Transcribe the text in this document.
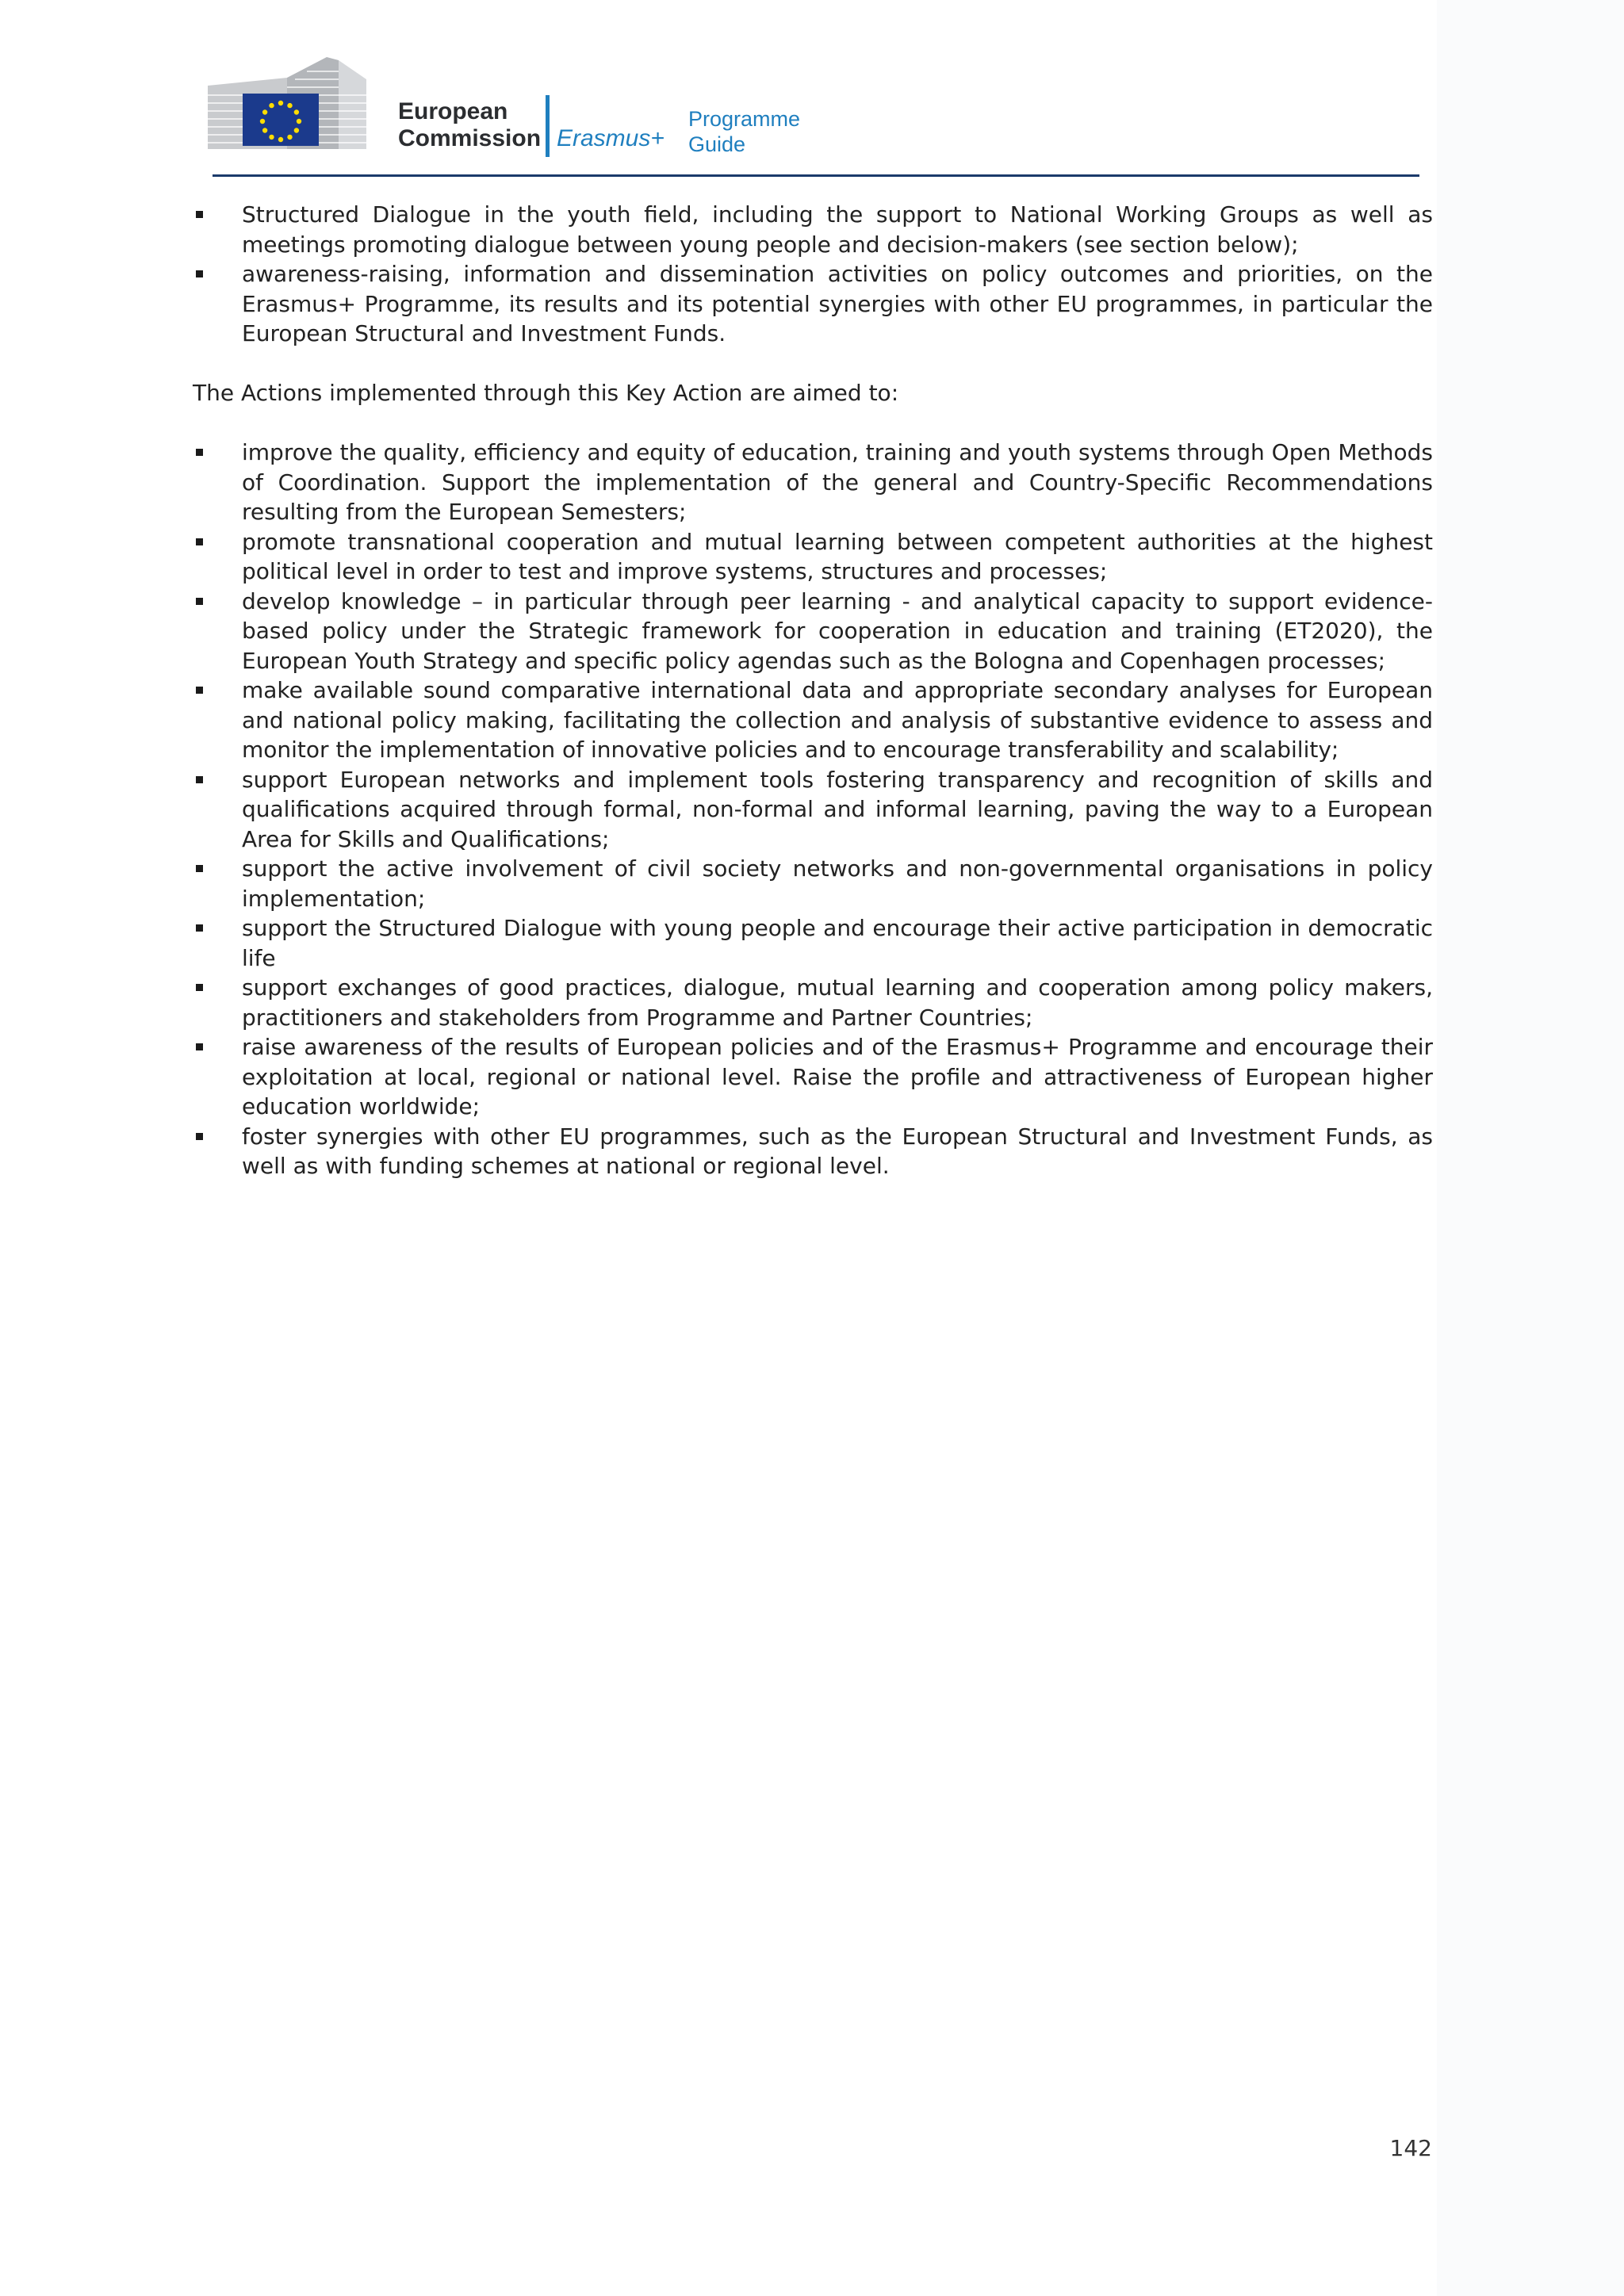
European
Commission Erasmus+
Programme
Guide
Structured Dialogue in the youth field, including the support to National Working Groups as well as meetings promoting dialogue between young people and decision-makers (see section below);
awareness-raising, information and dissemination activities on policy outcomes and priorities, on the Erasmus+ Programme, its results and its potential synergies with other EU programmes, in particular the European Structural and Investment Funds.

The Actions implemented through this Key Action are aimed to:

improve the quality, efficiency and equity of education, training and youth systems through Open Methods of Coordination. Support the implementation of the general and Country-Specific Recommendations resulting from the European Semesters;
promote transnational cooperation and mutual learning between competent authorities at the highest political level in order to test and improve systems, structures and processes;
develop knowledge – in particular through peer learning - and analytical capacity to support evidence-based policy under the Strategic framework for cooperation in education and training (ET2020), the European Youth Strategy and specific policy agendas such as the Bologna and Copenhagen processes;
make available sound comparative international data and appropriate secondary analyses for European and national policy making, facilitating the collection and analysis of substantive evidence to assess and monitor the implementation of innovative policies and to encourage transferability and scalability;
support European networks and implement tools fostering transparency and recognition of skills and qualifications acquired through formal, non-formal and informal learning, paving the way to a European Area for Skills and Qualifications;
support the active involvement of civil society networks and non-governmental organisations in policy implementation;
support the Structured Dialogue with young people and encourage their active participation in democratic life
support exchanges of good practices, dialogue, mutual learning and cooperation among policy makers, practitioners and stakeholders from Programme and Partner Countries;
raise awareness of the results of European policies and of the Erasmus+ Programme and encourage their exploitation at local, regional or national level. Raise the profile and attractiveness of European higher education worldwide;
foster synergies with other EU programmes, such as the European Structural and Investment Funds, as well as with funding schemes at national or regional level.
142
